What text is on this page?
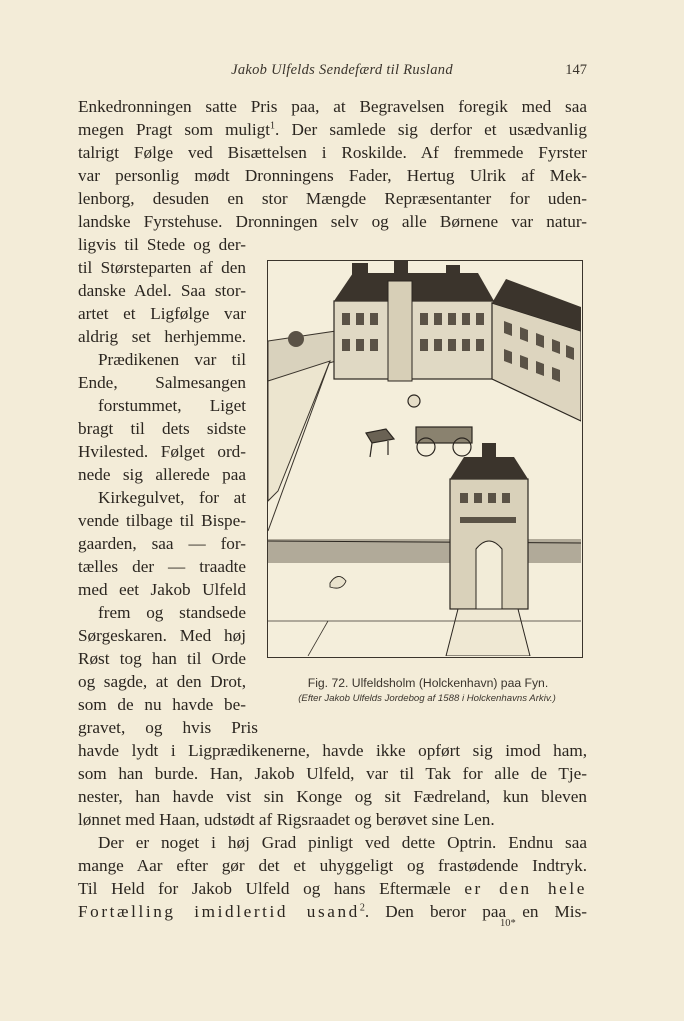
Jakob Ulfelds Sendefærd til Rusland	147
Enkedronningen satte Pris paa, at Begravelsen foregik med saa
megen Pragt som muligt$^1$. Der samlede sig derfor et usædvanlig
talrigt Følge ved Bisættelsen i Roskilde. Af fremmede Fyrster
var personlig mødt Dronningens Fader, Hertug Ulrik af Mek-
lenborg, desuden en stor Mængde Repræsentanter for uden-
landske Fyrstehuse. Dronningen selv og alle Børnene var natur-
ligvis til Stede og der-
til Størsteparten af den
danske Adel. Saa stor-
artet et Ligfølge var
aldrig set herhjemme.
Prædikenen var til
Ende, Salmesangen
forstummet, Liget
bragt til dets sidste
Hvilested. Følget ord-
nede sig allerede paa
Kirkegulvet, for at
vende tilbage til Bispe-
gaarden, saa — for-
tælles der — traadte
med eet Jakob Ulfeld
frem og standsede
Sørgeskaren. Med høj
Røst tog han til Orde
og sagde, at den Drot,
som de nu havde be-
gravet, og hvis Pris
havde lydt i Ligprædikenerne, havde ikke opført sig imod ham,
som han burde. Han, Jakob Ulfeld, var til Tak for alle de Tje-
nester, han havde vist sin Konge og sit Fædreland, kun bleven
lønnet med Haan, udstødt af Rigsraadet og berøvet sine Len.
Der er noget i høj Grad pinligt ved dette Optrin. Endnu saa
mange Aar efter gør det et uhyggeligt og frastødende Indtryk.
Til Held for Jakob Ulfeld og hans Eftermæle er den hele
Fortælling imidlertid usand$^2$. Den beror paa en Mis-
Fig. 72. Ulfeldsholm (Holckenhavn) paa Fyn.
(Efter Jakob Ulfelds Jordebog af 1588 i Holckenhavns Arkiv.)
10*
